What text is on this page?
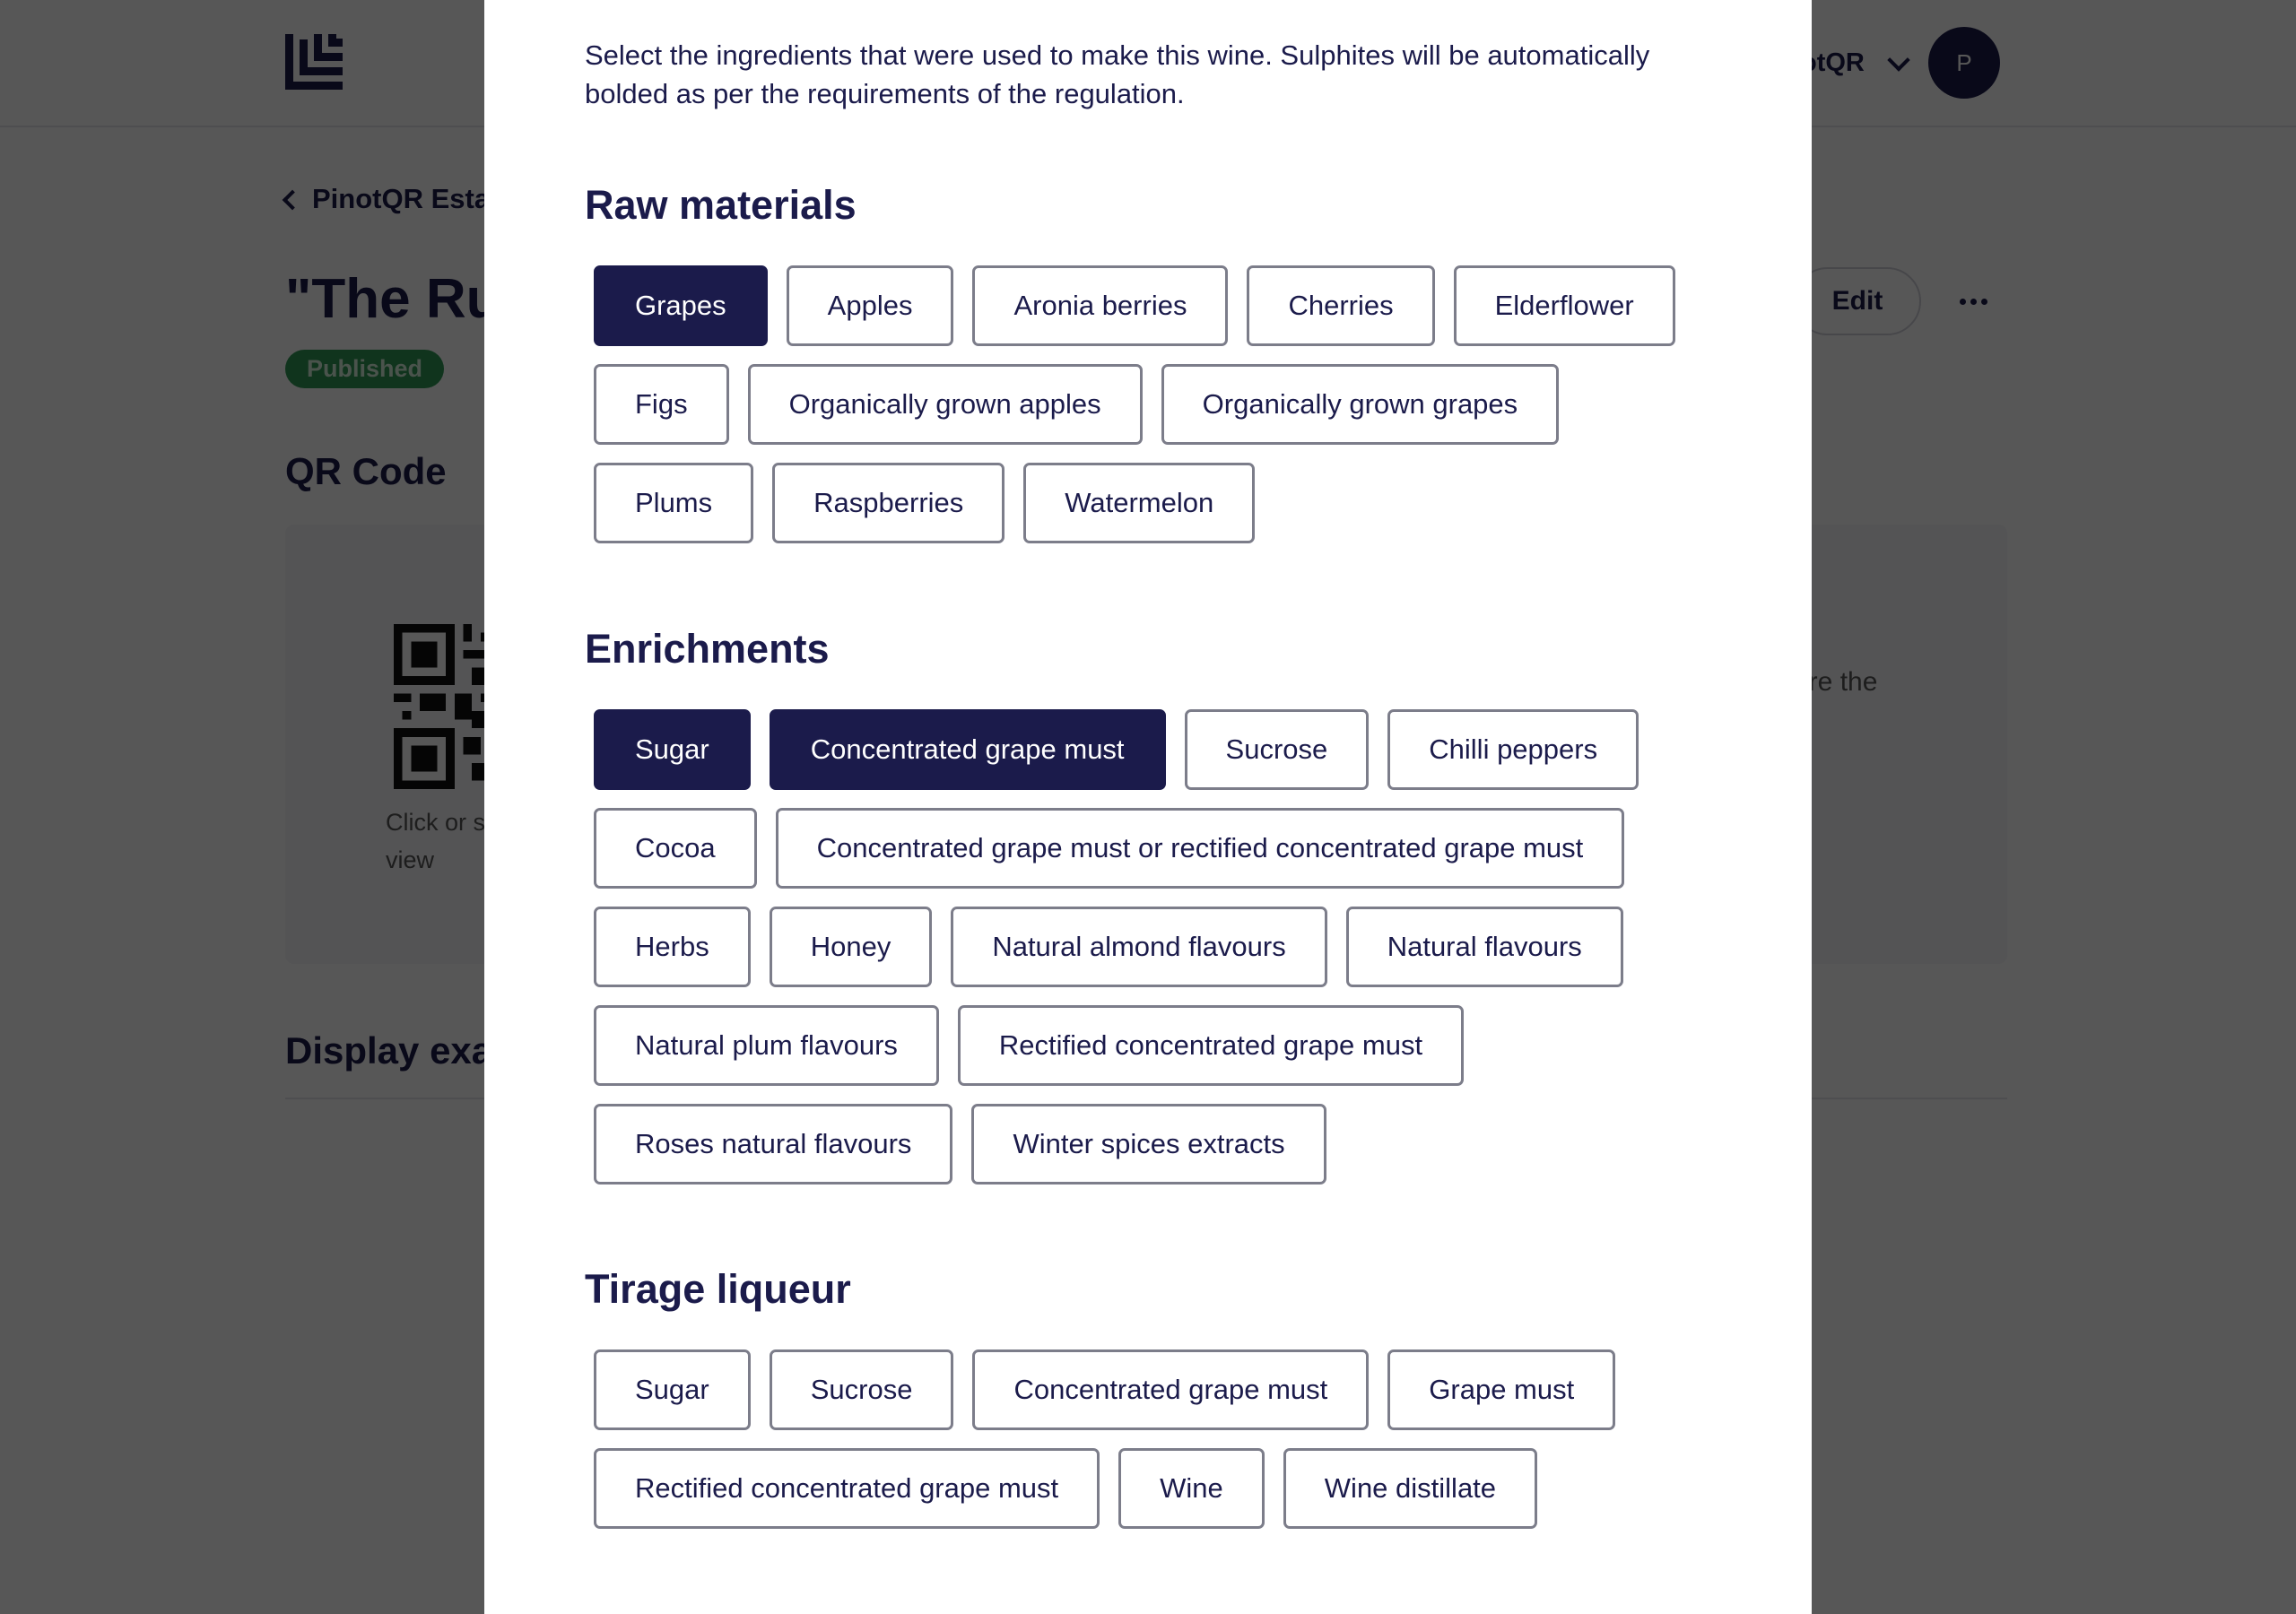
Select the ingredients that were used to make this wine. Sulphites will be automatically bolded as per the requirements of the regulation.

Raw materials
Grapes	Apples	Aronia berries	Cherries	Elderflower
Figs	Organically grown apples	Organically grown grapes
Plums	Raspberries	Watermelon
Enrichments
Sugar	Concentrated grape must	Sucrose	Chilli peppers
Cocoa	Concentrated grape must or rectified concentrated grape must
Herbs	Honey	Natural almond flavours	Natural flavours
Natural plum flavours	Rectified concentrated grape must
Roses natural flavours	Winter spices extracts
Tirage liqueur
Sugar	Sucrose	Concentrated grape must	Grape must
Rectified concentrated grape must	Wine	Wine distillate
